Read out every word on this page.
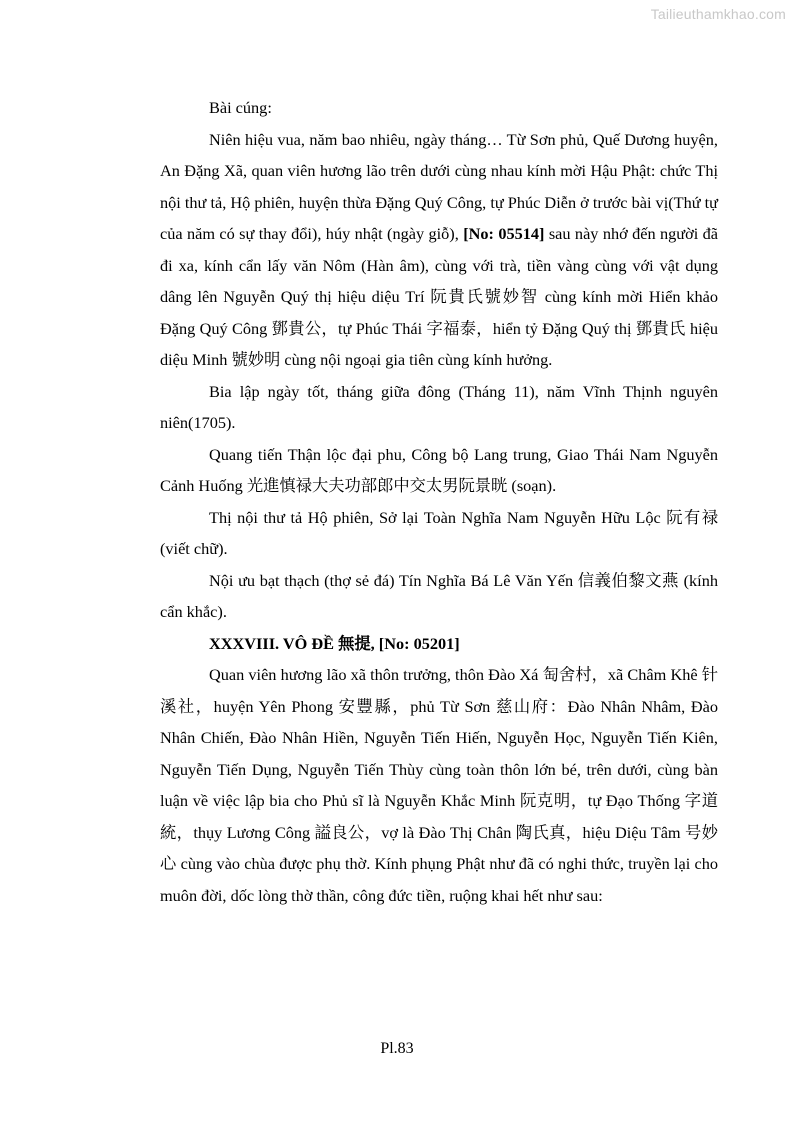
Tailieuthamkhao.com

Bài cúng:

Niên hiệu vua, năm bao nhiêu, ngày tháng… Từ Sơn phủ, Quế Dương huyện, An Đặng Xã, quan viên hương lão trên dưới cùng nhau kính mời Hậu Phật: chức Thị nội thư tả, Hộ phiên, huyện thừa Đặng Quý Công, tự Phúc Diễn ở trước bài vị(Thứ tự của năm có sự thay đổi), húy nhật (ngày giỗ), [No: 05514] sau này nhớ đến người đã đi xa, kính cẩn lấy văn Nôm (Hàn âm), cùng với trà, tiền vàng cùng với vật dụng dâng lên Nguyễn Quý thị hiệu diệu Trí 阮貴氏號妙智 cùng kính mời Hiển khảo Đặng Quý Công 鄧貴公，tự Phúc Thái 字福泰，hiển tỷ Đặng Quý thị 鄧貴氏 hiệu diệu Minh 號妙明 cùng nội ngoại gia tiên cùng kính hưởng.

Bia lập ngày tốt, tháng giữa đông (Tháng 11), năm Vĩnh Thịnh nguyên niên(1705).

Quang tiến Thận lộc đại phu, Công bộ Lang trung, Giao Thái Nam Nguyễn Cảnh Huống 光進慎禄大夫功部郎中交太男阮景晄 (soạn).

Thị nội thư tả Hộ phiên, Sở lại Toàn Nghĩa Nam Nguyễn Hữu Lộc 阮有禄(viết chữ).

Nội ưu bạt thạch (thợ sẻ đá) Tín Nghĩa Bá Lê Văn Yến 信義伯黎文燕 (kính cẩn khắc).

XXXVIII. VÔ ĐỀ 無提, [No: 05201]

Quan viên hương lão xã thôn trưởng, thôn Đào Xá 匋舍村，xã Châm Khê 针溪社，huyện Yên Phong 安豐縣，phủ Từ Sơn 慈山府：Đào Nhân Nhâm, Đào Nhân Chiến, Đào Nhân Hiền, Nguyễn Tiến Hiến, Nguyễn Học, Nguyễn Tiến Kiên, Nguyễn Tiến Dụng, Nguyễn Tiến Thùy cùng toàn thôn lớn bé, trên dưới, cùng bàn luận về việc lập bia cho Phủ sĩ là Nguyễn Khắc Minh 阮克明，tự Đạo Thống 字道統，thụy Lương Công 謚良公，vợ là Đào Thị Chân 陶氏真，hiệu Diệu Tâm 号妙心 cùng vào chùa được phụ thờ. Kính phụng Phật như đã có nghi thức, truyền lại cho muôn đời, dốc lòng thờ thần, công đức tiền, ruộng khai hết như sau:

Pl.83
